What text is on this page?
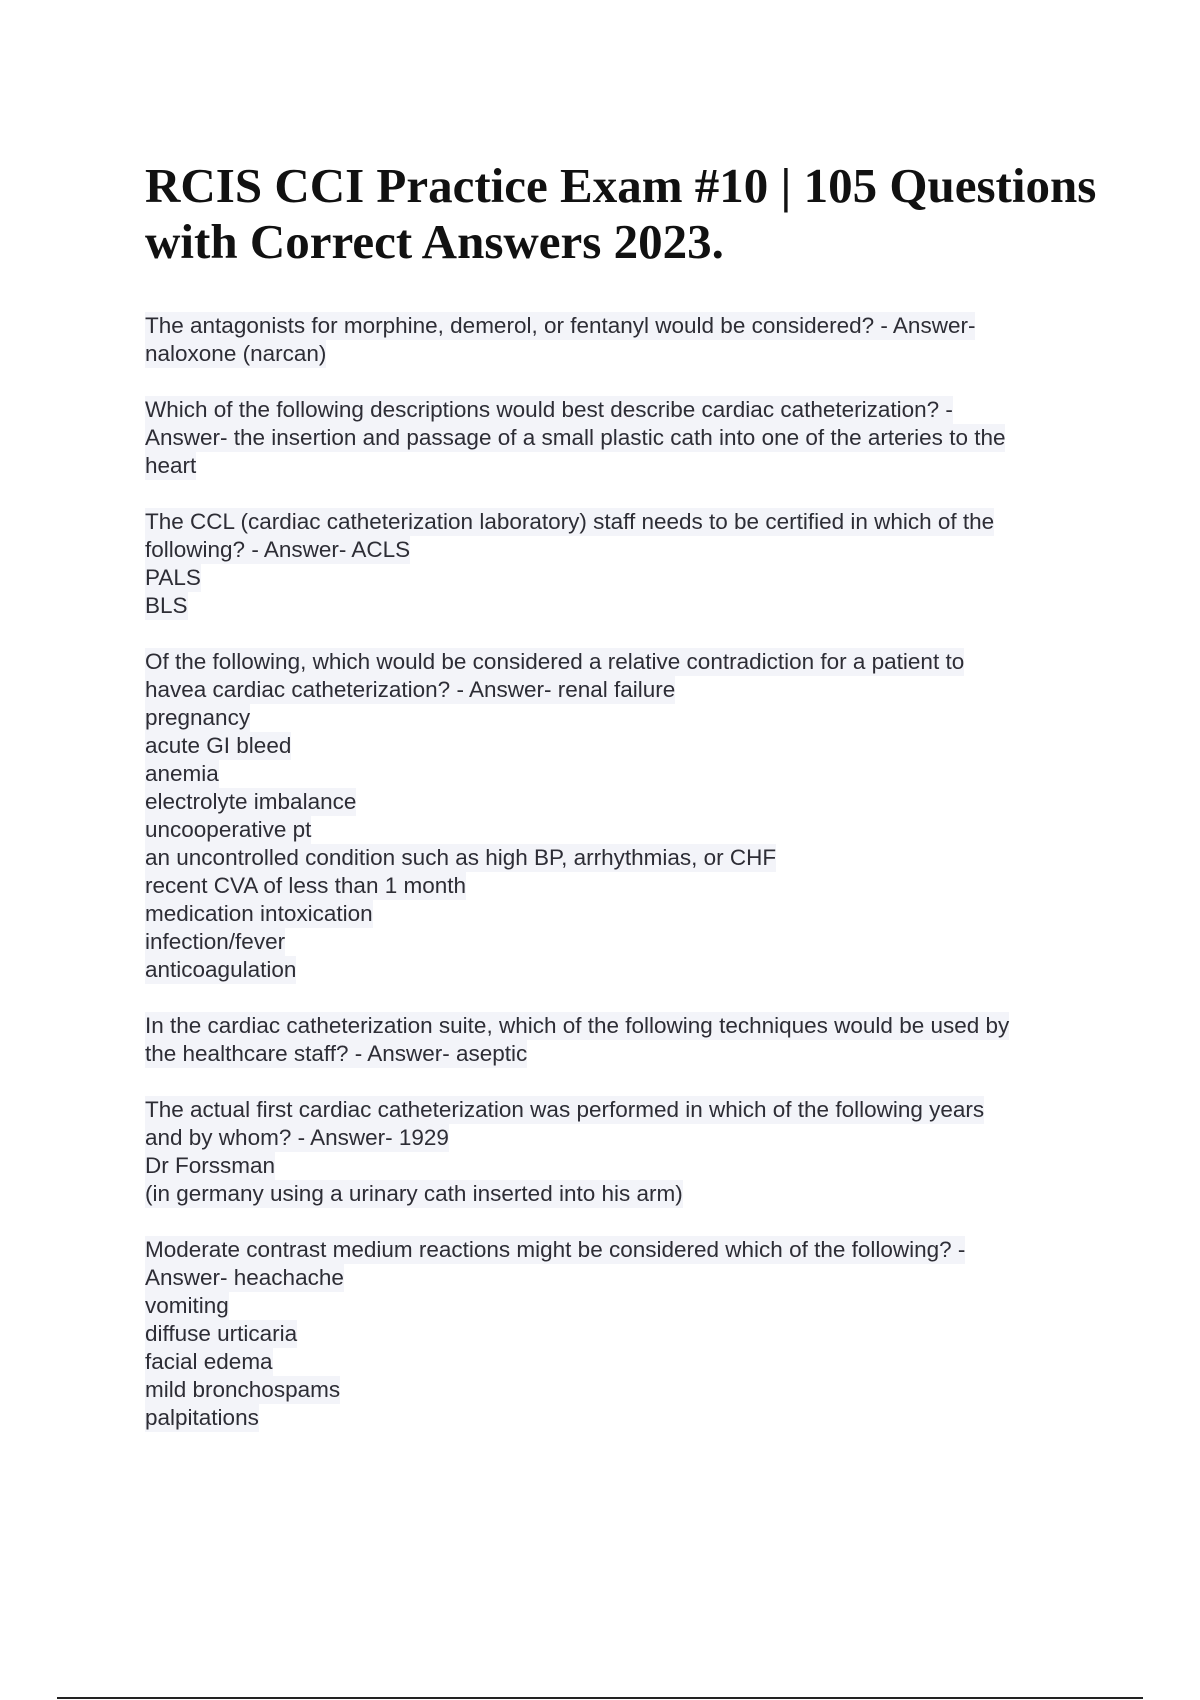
RCIS CCI Practice Exam #10 | 105 Questions
with Correct Answers 2023.
The antagonists for morphine, demerol, or fentanyl would be considered? - Answer-
naloxone (narcan)
Which of the following descriptions would best describe cardiac catheterization? -
Answer- the insertion and passage of a small plastic cath into one of the arteries to the
heart
The CCL (cardiac catheterization laboratory) staff needs to be certified in which of the
following? - Answer- ACLS
PALS
BLS
Of the following, which would be considered a relative contradiction for a patient to
havea cardiac catheterization? - Answer- renal failure
pregnancy
acute GI bleed
anemia
electrolyte imbalance
uncooperative pt
an uncontrolled condition such as high BP, arrhythmias, or CHF
recent CVA of less than 1 month
medication intoxication
infection/fever
anticoagulation
In the cardiac catheterization suite, which of the following techniques would be used by
the healthcare staff? - Answer- aseptic
The actual first cardiac catheterization was performed in which of the following years
and by whom? - Answer- 1929
Dr Forssman
(in germany using a urinary cath inserted into his arm)
Moderate contrast medium reactions might be considered which of the following? -
Answer- heachache
vomiting
diffuse urticaria
facial edema
mild bronchospams
palpitations
